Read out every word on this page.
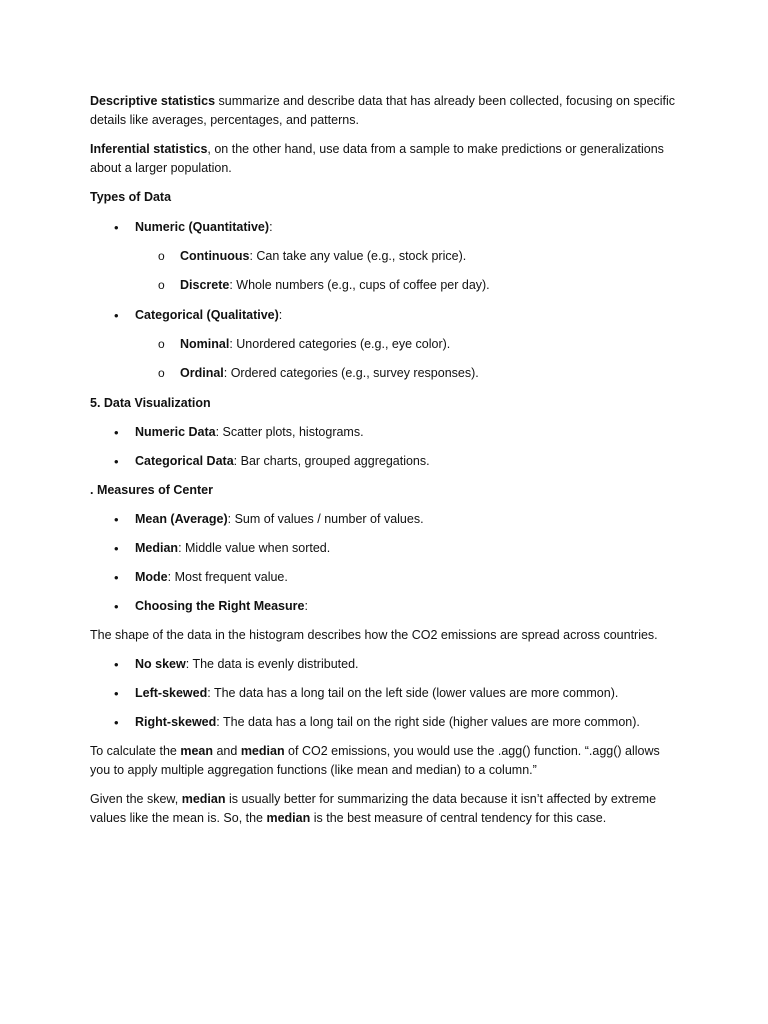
Descriptive statistics summarize and describe data that has already been collected, focusing on specific details like averages, percentages, and patterns.

Inferential statistics, on the other hand, use data from a sample to make predictions or generalizations about a larger population.

Types of Data

•

Numeric (Quantitative):

o

Continuous: Can take any value (e.g., stock price).

o

Discrete: Whole numbers (e.g., cups of coffee per day).

•

Categorical (Qualitative):

o

Nominal: Unordered categories (e.g., eye color).

o

Ordinal: Ordered categories (e.g., survey responses).

5. Data Visualization

•

Numeric Data: Scatter plots, histograms.

•

Categorical Data: Bar charts, grouped aggregations.

. Measures of Center

•

Mean (Average): Sum of values / number of values.

•

Median: Middle value when sorted.

•

Mode: Most frequent value.

•

Choosing the Right Measure:

The shape of the data in the histogram describes how the CO2 emissions are spread across countries.

•

No skew: The data is evenly distributed.

•

Left-skewed: The data has a long tail on the left side (lower values are more common).

•

Right-skewed: The data has a long tail on the right side (higher values are more common).

To calculate the mean and median of CO2 emissions, you would use the .agg() function. “.agg() allows you to apply multiple aggregation functions (like mean and median) to a column.”

Given the skew, median is usually better for summarizing the data because it isn’t affected by extreme values like the mean is. So, the median is the best measure of central tendency for this case.
